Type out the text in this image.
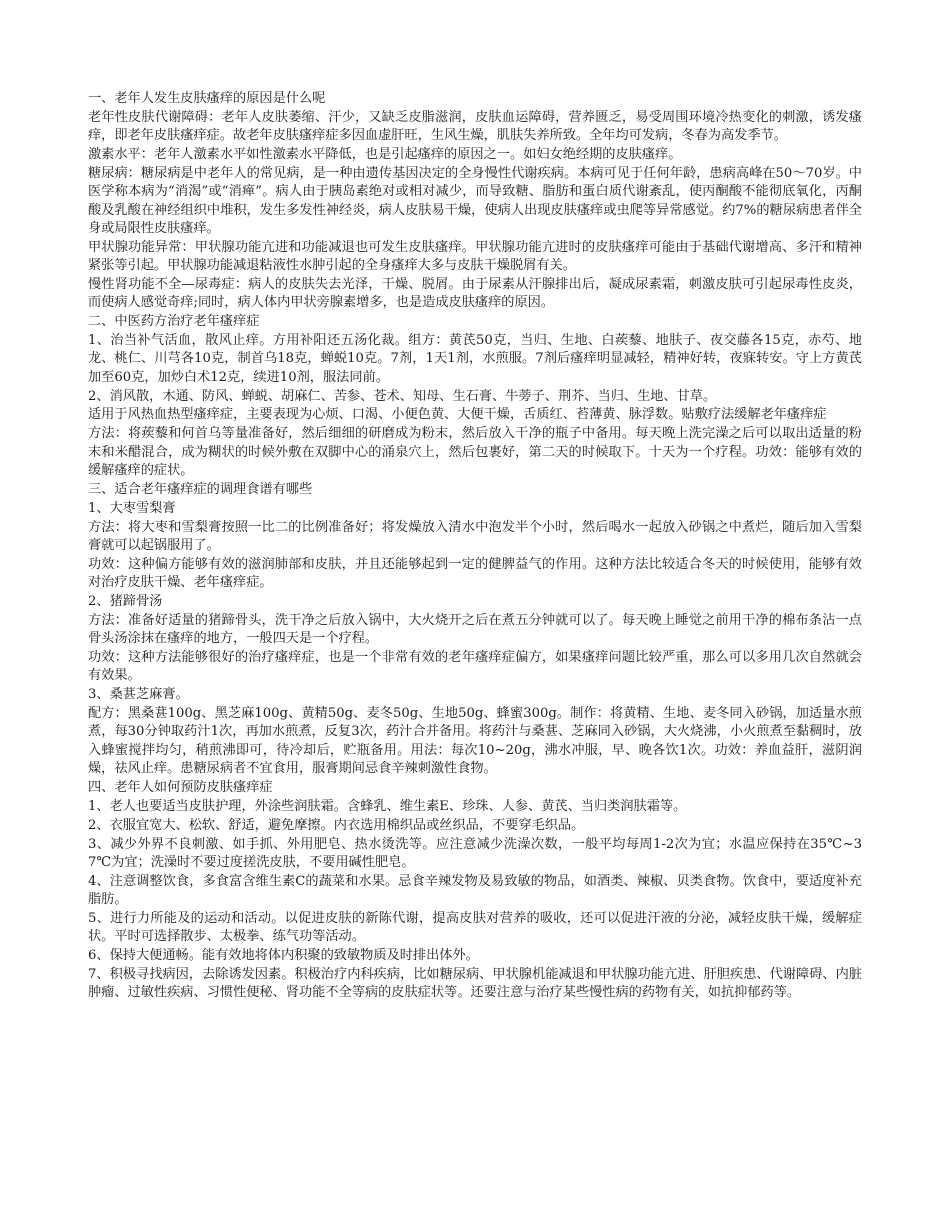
一、老年人发生皮肤瘙痒的原因是什么呢

老年性皮肤代谢障碍：老年人皮肤萎缩、汗少，又缺乏皮脂滋润，皮肤血运障碍，营养匮乏，易受周围环境冷热变化的刺激，诱发瘙痒，即老年皮肤瘙痒症。故老年皮肤瘙痒症多因血虚肝旺，生风生燥，肌肤失养所致。全年均可发病，冬春为高发季节。

激素水平：老年人激素水平如性激素水平降低，也是引起瘙痒的原因之一。如妇女绝经期的皮肤瘙痒。

糖尿病：糖尿病是中老年人的常见病，是一种由遗传基因决定的全身慢性代谢疾病。本病可见于任何年龄，患病高峰在50～70岁。中医学称本病为“消渴”或“消瘅”。病人由于胰岛素绝对或相对减少，而导致糖、脂肪和蛋白质代谢紊乱，使丙酮酸不能彻底氧化，丙酮酸及乳酸在神经组织中堆积，发生多发性神经炎，病人皮肤易干燥，使病人出现皮肤瘙痒或虫爬等异常感觉。约7%的糖尿病患者伴全身或局限性皮肤瘙痒。

甲状腺功能异常：甲状腺功能亢进和功能减退也可发生皮肤瘙痒。甲状腺功能亢进时的皮肤瘙痒可能由于基础代谢增高、多汗和精神紧张等引起。甲状腺功能减退粘液性水肿引起的全身瘙痒大多与皮肤干燥脱屑有关。

慢性肾功能不全—尿毒症：病人的皮肤失去光泽，干燥、脱屑。由于尿素从汗腺排出后，凝成尿素霜，刺激皮肤可引起尿毒性皮炎，而使病人感觉奇痒;同时，病人体内甲状旁腺素增多，也是造成皮肤瘙痒的原因。

二、中医药方治疗老年瘙痒症

1、治当补气活血，散风止痒。方用补阳还五汤化裁。组方：黄芪50克，当归、生地、白蒺藜、地肤子、夜交藤各15克，赤芍、地龙、桃仁、川芎各10克，制首乌18克，蝉蜕10克。7剂，1天1剂，水煎服。7剂后瘙痒明显减轻，精神好转，夜寐转安。守上方黄芪加至60克，加炒白术12克，续进10剂，服法同前。

2、消风散，木通、防风、蝉蜕、胡麻仁、苦参、苍术、知母、生石膏、牛蒡子、荆芥、当归、生地、甘草。

适用于风热血热型瘙痒症，主要表现为心烦、口渴、小便色黄、大便干燥，舌质红、苔薄黄、脉浮数。贴敷疗法缓解老年瘙痒症

方法：将蒺藜和何首乌等量准备好，然后细细的研磨成为粉末，然后放入干净的瓶子中备用。每天晚上洗完澡之后可以取出适量的粉末和米醋混合，成为糊状的时候外敷在双脚中心的涌泉穴上，然后包裹好，第二天的时候取下。十天为一个疗程。功效：能够有效的缓解瘙痒的症状。

三、适合老年瘙痒症的调理食谱有哪些

1、大枣雪梨膏

方法：将大枣和雪梨膏按照一比二的比例准备好；将发燥放入清水中泡发半个小时，然后喝水一起放入砂锅之中煮烂，随后加入雪梨膏就可以起锅服用了。

功效：这种偏方能够有效的滋润肺部和皮肤，并且还能够起到一定的健脾益气的作用。这种方法比较适合冬天的时候使用，能够有效对治疗皮肤干燥、老年瘙痒症。

2、猪蹄骨汤

方法：准备好适量的猪蹄骨头，洗干净之后放入锅中，大火烧开之后在煮五分钟就可以了。每天晚上睡觉之前用干净的棉布条沾一点骨头汤涂抹在瘙痒的地方，一般四天是一个疗程。

功效：这种方法能够很好的治疗瘙痒症，也是一个非常有效的老年瘙痒症偏方，如果瘙痒问题比较严重，那么可以多用几次自然就会有效果。

3、桑葚芝麻膏。

配方：黑桑葚100g、黑芝麻100g、黄精50g、麦冬50g、生地50g、蜂蜜300g。制作：将黄精、生地、麦冬同入砂锅，加适量水煎煮，每30分钟取药汁1次，再加水煎煮，反复3次，药汁合并备用。将药汁与桑葚、芝麻同入砂锅，大火烧沸，小火煎煮至黏稠时，放入蜂蜜搅拌均匀，稍煎沸即可，待冷却后，贮瓶备用。用法：每次10~20g，沸水冲服，早、晚各饮1次。功效：养血益肝，滋阴润燥，祛风止痒。患糖尿病者不宜食用，服膏期间忌食辛辣刺激性食物。

四、老年人如何预防皮肤瘙痒症

1、老人也要适当皮肤护理，外涂些润肤霜。含蜂乳、维生素E、珍珠、人参、黄芪、当归类润肤霜等。

2、衣服宜宽大、松软、舒适，避免摩擦。内衣选用棉织品或丝织品，不要穿毛织品。

3、减少外界不良刺激、如手抓、外用肥皂、热水烫洗等。应注意减少洗澡次数，一般平均每周1-2次为宜；水温应保持在35℃~37℃为宜；洗澡时不要过度搓洗皮肤，不要用碱性肥皂。

4、注意调整饮食，多食富含维生素C的蔬菜和水果。忌食辛辣发物及易致敏的物品，如酒类、辣椒、贝类食物。饮食中，要适度补充脂肪。

5、进行力所能及的运动和活动。以促进皮肤的新陈代谢，提高皮肤对营养的吸收，还可以促进汗液的分泌，减轻皮肤干燥，缓解症状。平时可选择散步、太极拳、练气功等活动。

6、保持大便通畅。能有效地将体内积聚的致敏物质及时排出体外。

7、积极寻找病因，去除诱发因素。积极治疗内科疾病，比如糖尿病、甲状腺机能减退和甲状腺功能亢进、肝胆疾患、代谢障碍、内脏肿瘤、过敏性疾病、习惯性便秘、肾功能不全等病的皮肤症状等。还要注意与治疗某些慢性病的药物有关，如抗抑郁药等。
